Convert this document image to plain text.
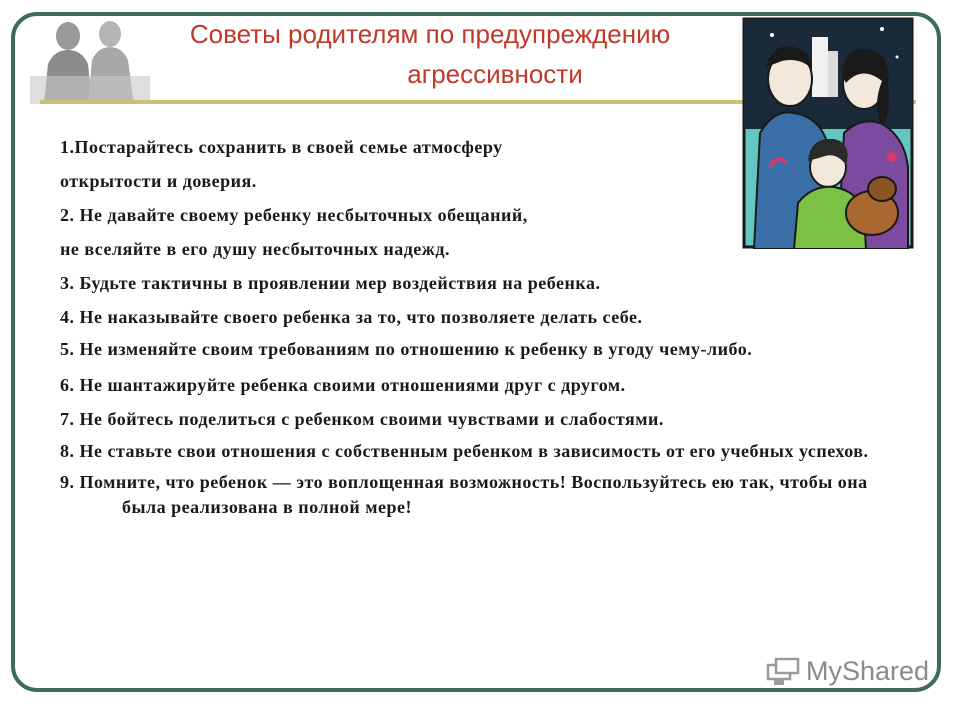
Советы родителям по предупреждению
агрессивности
1.Постарайтесь сохранить в своей семье атмосферу
открытости и доверия.
2. Не давайте своему ребенку несбыточных обещаний,
не вселяйте в его душу несбыточных надежд.
3. Будьте тактичны в проявлении мер воздействия на ребенка.
4. Не наказывайте своего ребенка за то, что позволяете делать себе.
5. Не изменяйте своим требованиям по отношению к ребенку в угоду чему-либо.
6. Не шантажируйте ребенка своими отношениями друг с другом.
7. Не бойтесь поделиться с ребенком своими чувствами и слабостями.
8. Не ставьте свои отношения с собственным ребенком в зависимость от его учебных успехов.
9. Помните, что ребенок — это воплощенная возможность! Воспользуйтесь ею так, чтобы она была реализована в полной мере!
MyShared
